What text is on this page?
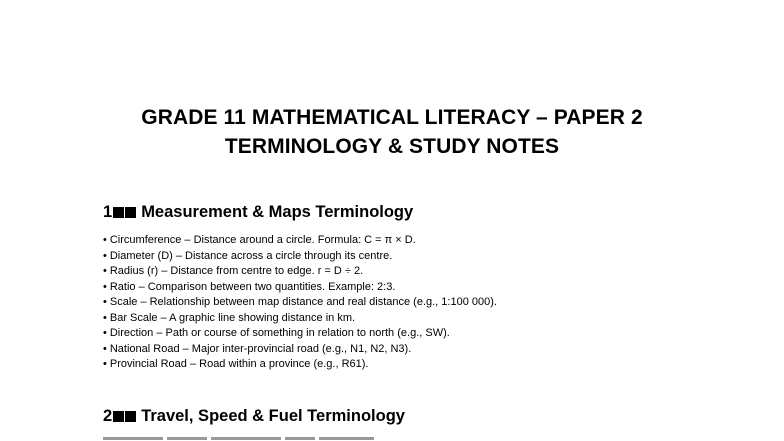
GRADE 11 MATHEMATICAL LITERACY – PAPER 2
TERMINOLOGY & STUDY NOTES
1 Measurement & Maps Terminology
• Circumference – Distance around a circle. Formula: C = π × D.
• Diameter (D) – Distance across a circle through its centre.
• Radius (r) – Distance from centre to edge. r = D ÷ 2.
• Ratio – Comparison between two quantities. Example: 2:3.
• Scale – Relationship between map distance and real distance (e.g., 1:100 000).
• Bar Scale – A graphic line showing distance in km.
• Direction – Path or course of something in relation to north (e.g., SW).
• National Road – Major inter-provincial road (e.g., N1, N2, N3).
• Provincial Road – Road within a province (e.g., R61).
2 Travel, Speed & Fuel Terminology
